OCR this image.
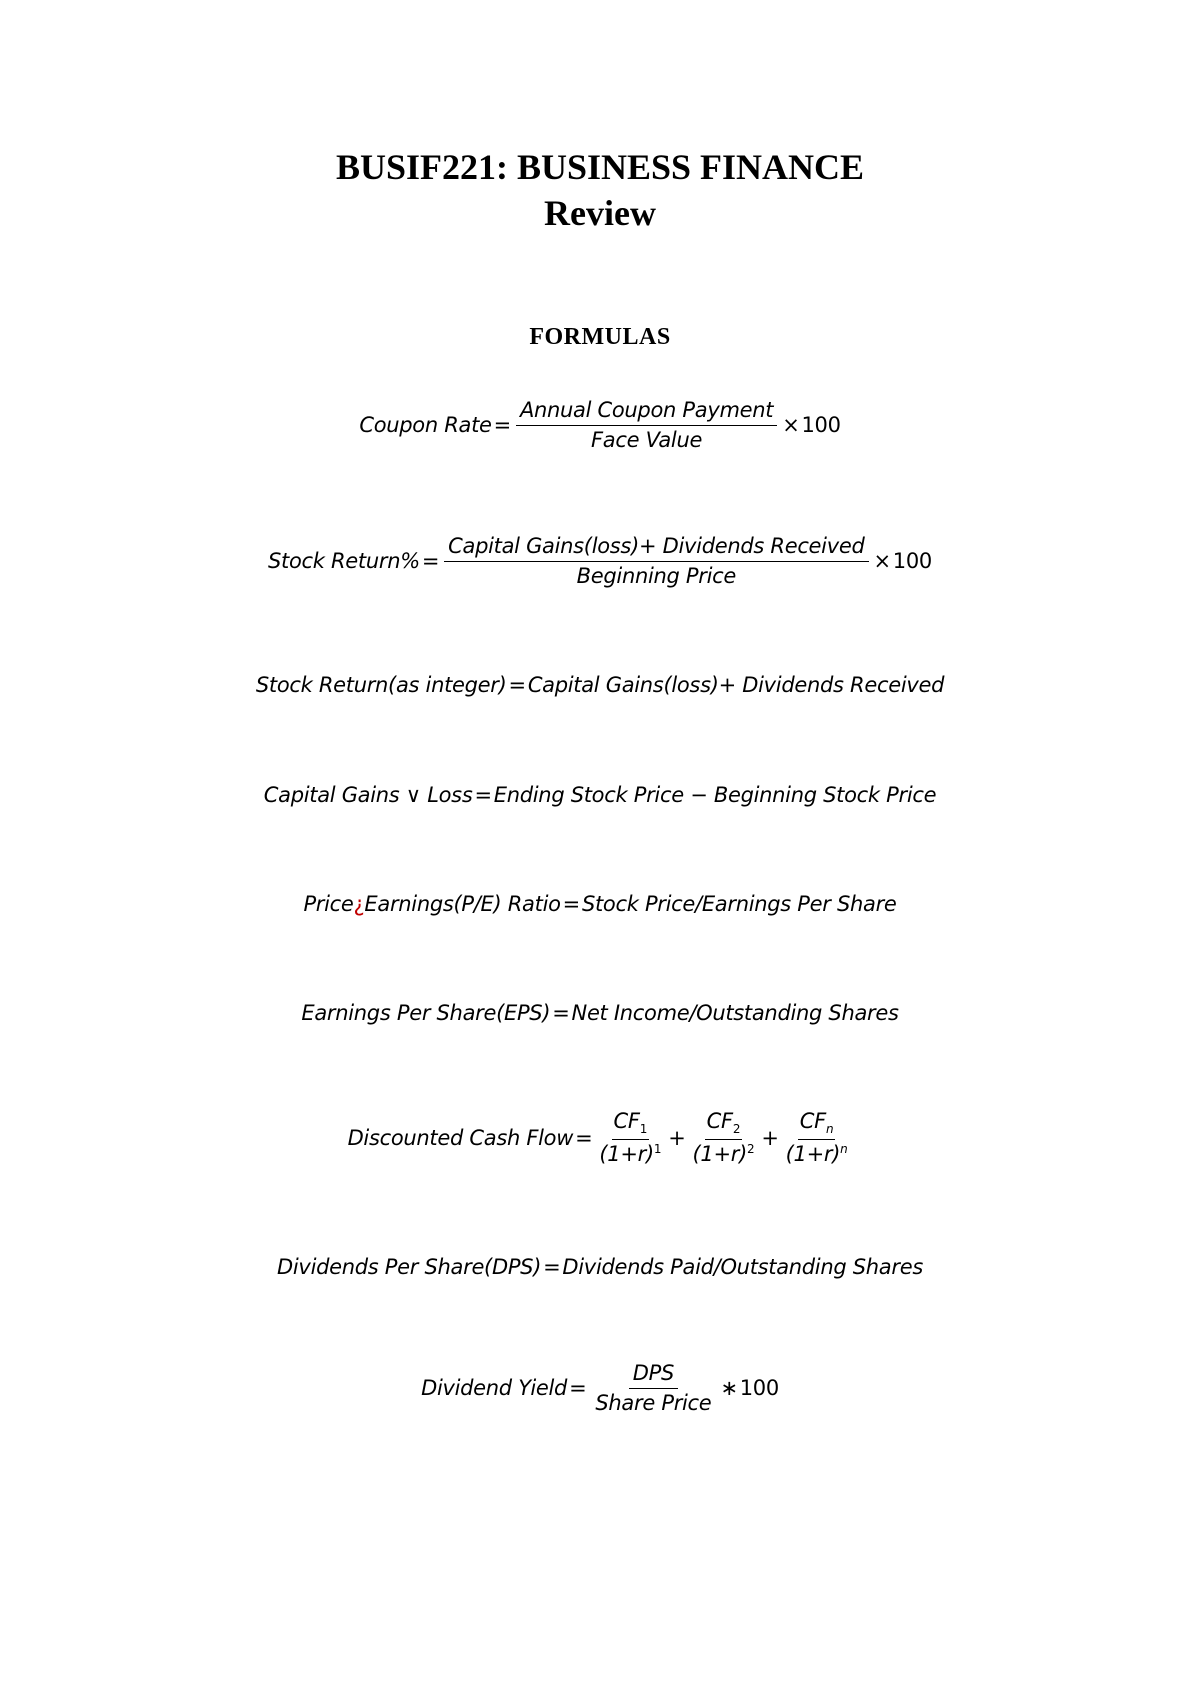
BUSIF221: BUSINESS FINANCE
Review
FORMULAS
Coupon Rate = $\frac{\text{Annual Coupon Payment}}{\text{Face Value}} \times 100$
Stock Return% = $\frac{\text{Capital Gains(loss)+ Dividends Received}}{\text{Beginning Price}} \times 100$
Stock Return(as integer) = Capital Gains(loss)+ Dividends Received
Capital Gains ∨ Loss = Ending Stock Price − Beginning Stock Price
Price ¿ Earnings(P/E) Ratio = Stock Price/Earnings Per Share
Earnings Per Share(EPS) = Net Income/Outstanding Shares
Discounted Cash Flow = $\frac{CF_1}{(1+r)^1} + \frac{CF_2}{(1+r)^2} + \frac{CF_n}{(1+r)^n}$
Dividends Per Share(DPS) = Dividends Paid/Outstanding Shares
Dividend Yield = $\frac{\text{DPS}}{\text{Share Price}}$ ∗ 100
